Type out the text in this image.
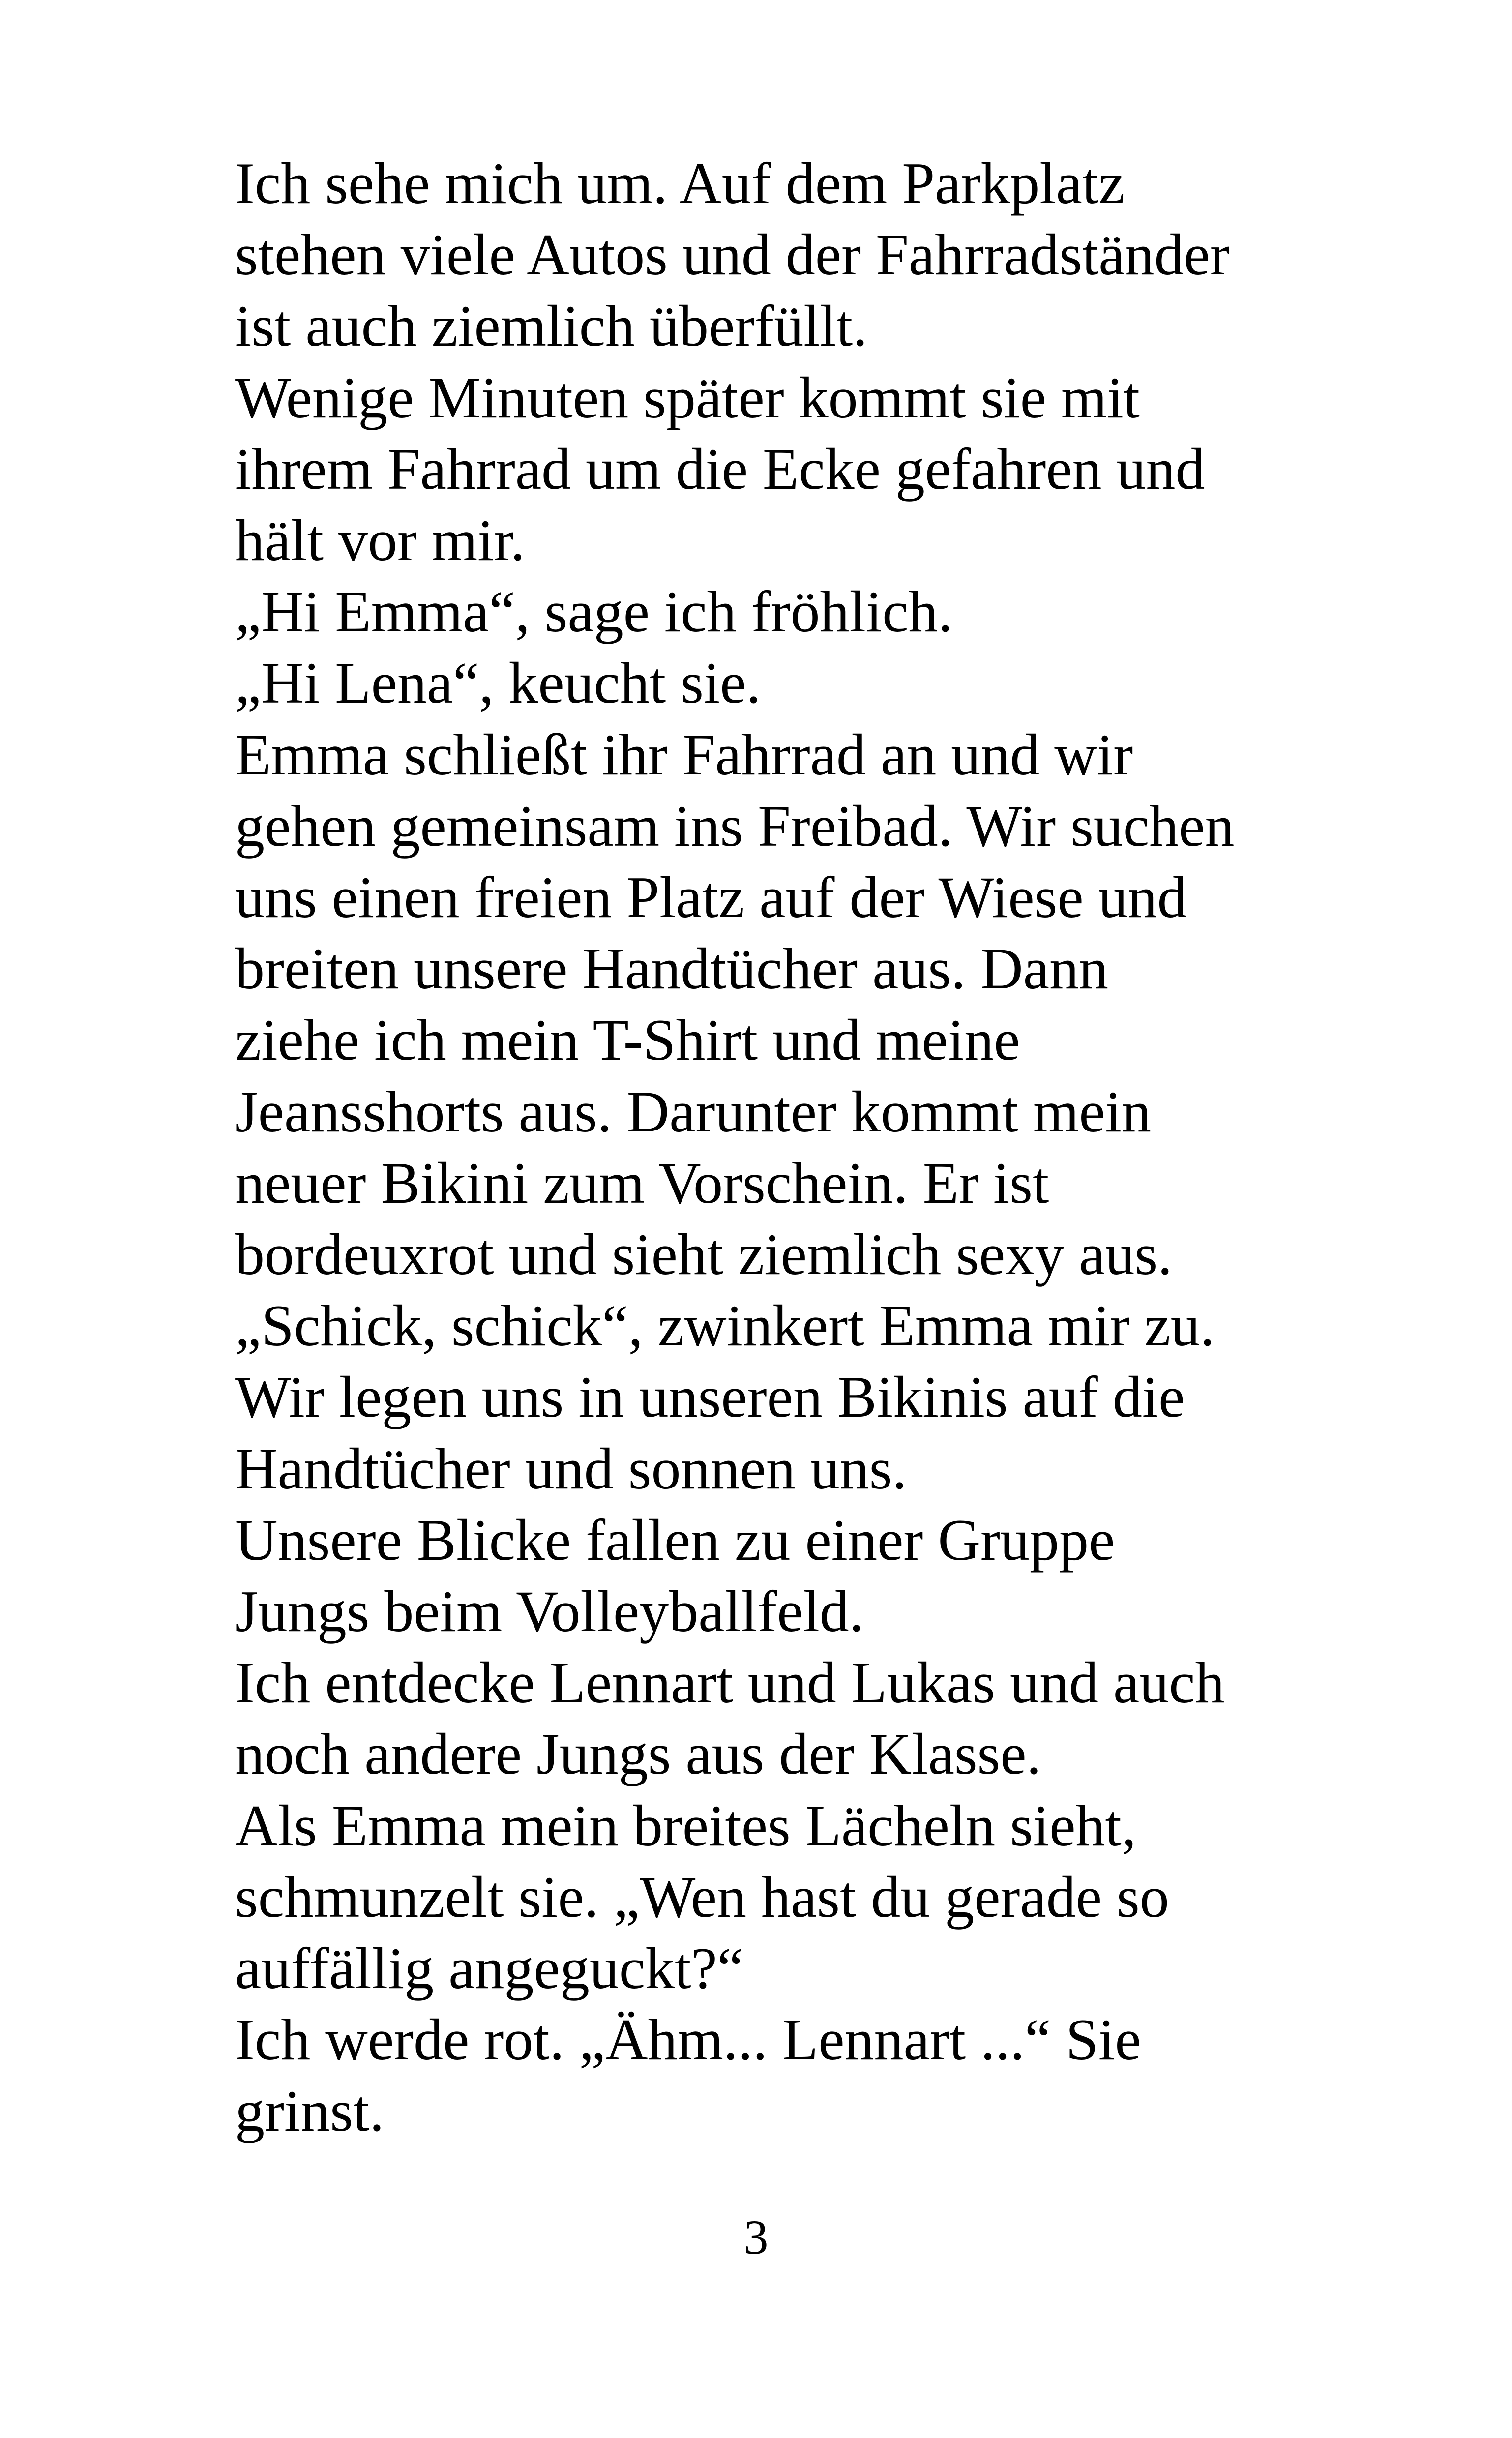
Ich sehe mich um. Auf dem Parkplatz
stehen viele Autos und der Fahrradständer
ist auch ziemlich überfüllt.
Wenige Minuten später kommt sie mit
ihrem Fahrrad um die Ecke gefahren und
hält vor mir.
„Hi Emma“, sage ich fröhlich.
„Hi Lena“, keucht sie.
Emma schließt ihr Fahrrad an und wir
gehen gemeinsam ins Freibad. Wir suchen
uns einen freien Platz auf der Wiese und
breiten unsere Handtücher aus. Dann
ziehe ich mein T-Shirt und meine
Jeansshorts aus. Darunter kommt mein
neuer Bikini zum Vorschein. Er ist
bordeuxrot und sieht ziemlich sexy aus.
„Schick, schick“, zwinkert Emma mir zu.
Wir legen uns in unseren Bikinis auf die
Handtücher und sonnen uns.
Unsere Blicke fallen zu einer Gruppe
Jungs beim Volleyballfeld.
Ich entdecke Lennart und Lukas und auch
noch andere Jungs aus der Klasse.
Als Emma mein breites Lächeln sieht,
schmunzelt sie. „Wen hast du gerade so
auffällig angeguckt?“
Ich werde rot. „Ähm... Lennart ...“ Sie
grinst.
3
